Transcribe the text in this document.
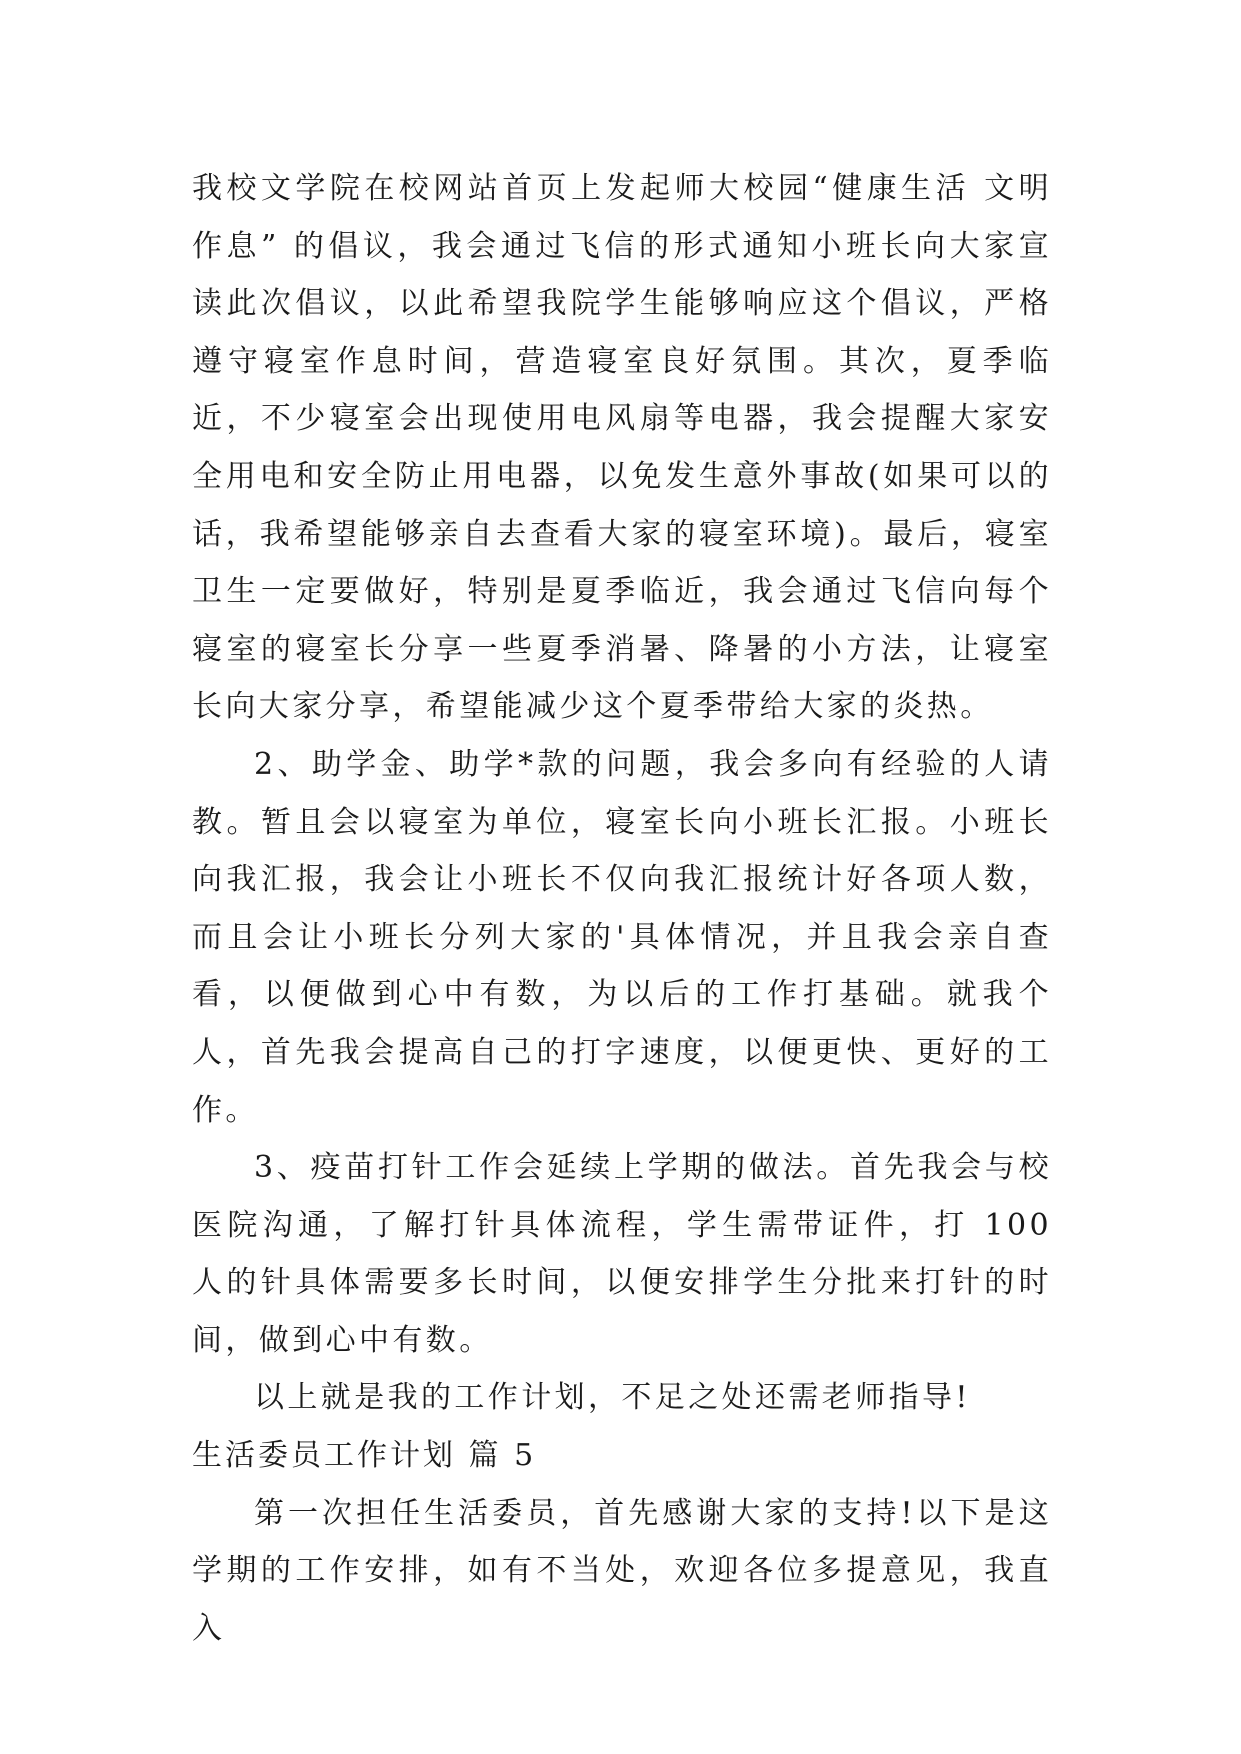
我校文学院在校网站首页上发起师大校园“健康生活 文明作息” 的倡议，我会通过飞信的形式通知小班长向大家宣读此次倡议，以此希望我院学生能够响应这个倡议，严格遵守寝室作息时间，营造寝室良好氛围。其次，夏季临近，不少寝室会出现使用电风扇等电器，我会提醒大家安全用电和安全防止用电器，以免发生意外事故(如果可以的话，我希望能够亲自去查看大家的寝室环境)。最后，寝室卫生一定要做好，特别是夏季临近，我会通过飞信向每个寝室的寝室长分享一些夏季消暑、降暑的小方法，让寝室长向大家分享，希望能减少这个夏季带给大家的炎热。

2、助学金、助学*款的问题，我会多向有经验的人请教。暂且会以寝室为单位，寝室长向小班长汇报。小班长向我汇报，我会让小班长不仅向我汇报统计好各项人数，而且会让小班长分列大家的'具体情况，并且我会亲自查看，以便做到心中有数，为以后的工作打基础。就我个人，首先我会提高自己的打字速度，以便更快、更好的工作。

3、疫苗打针工作会延续上学期的做法。首先我会与校医院沟通，了解打针具体流程，学生需带证件，打 100 人的针具体需要多长时间，以便安排学生分批来打针的时间，做到心中有数。

以上就是我的工作计划，不足之处还需老师指导!

生活委员工作计划 篇 5

第一次担任生活委员，首先感谢大家的支持!以下是这学期的工作安排，如有不当处，欢迎各位多提意见，我直入
